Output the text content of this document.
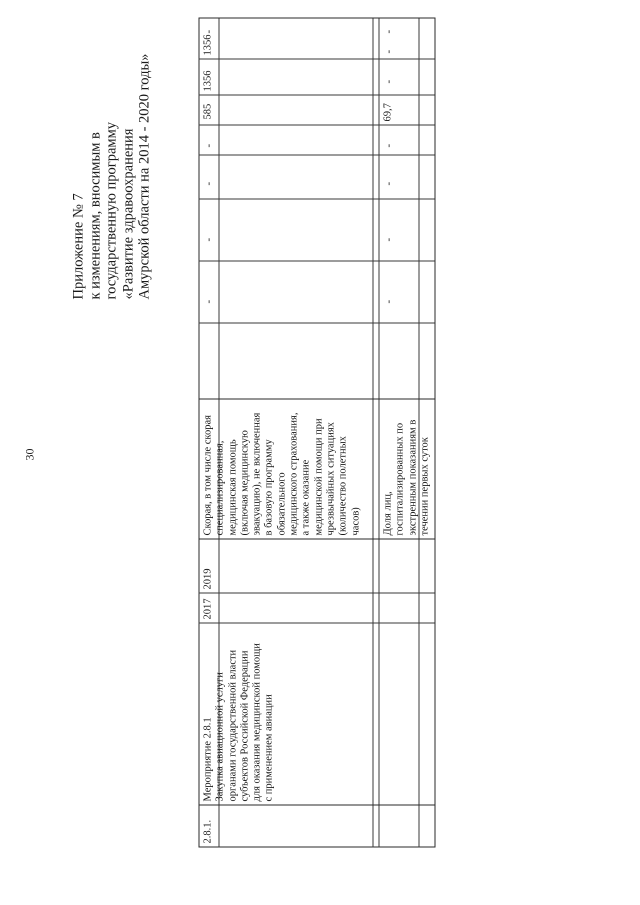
30
Приложение № 7 к изменениям, вносимым в государственную программу «Развитие здравоохранения Амурской области на 2014 - 2020 годы»
2.8.1.
Мероприятие 2.8.1 Закупка авиационной услуги органами государственной власти субъектов Российской Федерации для оказания медицинской помощи с применением авиации
2017
2019
Скорая, в том числе скорая специализированная, медицинская помощь (включая медицинскую эвакуацию), не включенная в базовую программу обязательного медицинского страхования, а также оказание медицинской помощи при чрезвычайных ситуациях (количество полетных часов) Доля лиц, госпитализированных по экстренным показаниям в течении первых суток
-
-
-
-
585
1356
1356
-
-
-
-
-
69,7
-
-
-
